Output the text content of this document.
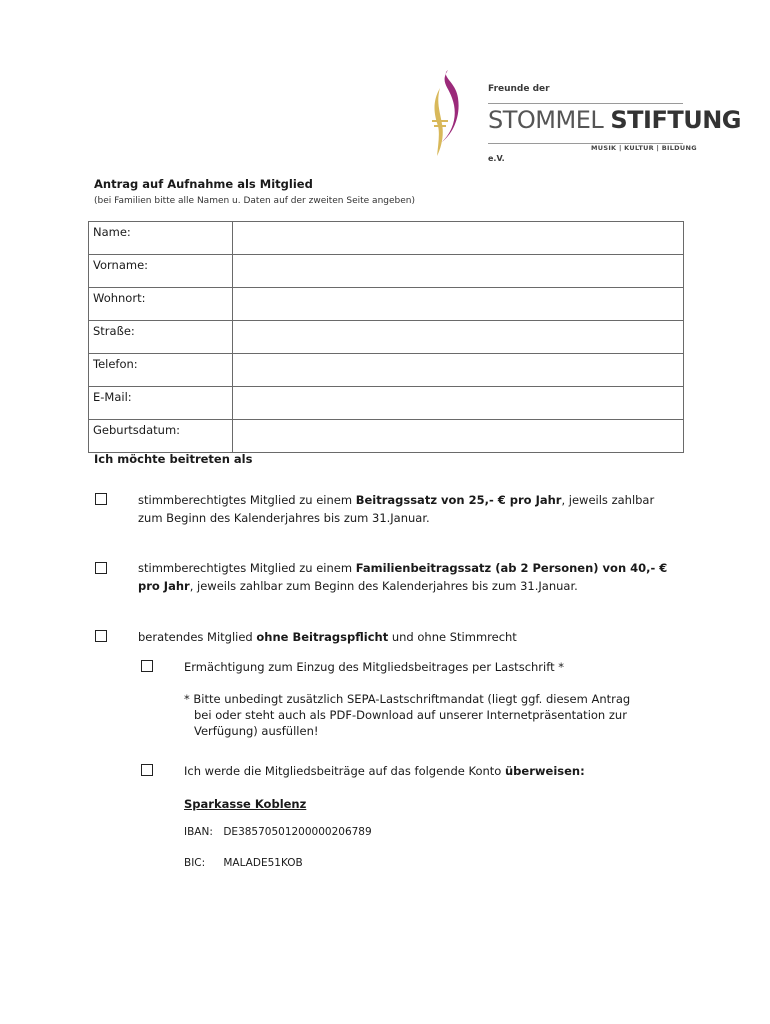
Freunde der
STOMMEL STIFTUNG
MUSIK | KULTUR | BILDUNG
e.V.
Antrag auf Aufnahme als Mitglied
(bei Familien bitte alle Namen u. Daten auf der zweiten Seite angeben)
Name:	
Vorname:	
Wohnort:	
Straße:	
Telefon:	
E-Mail:	
Geburtsdatum:	
Ich möchte beitreten als
stimmberechtigtes Mitglied zu einem Beitragssatz von 25,- € pro Jahr, jeweils zahlbar
zum Beginn des Kalenderjahres bis zum 31.Januar.
stimmberechtigtes Mitglied zu einem Familienbeitragssatz (ab 2 Personen) von 40,- €
pro Jahr, jeweils zahlbar zum Beginn des Kalenderjahres bis zum 31.Januar.
beratendes Mitglied ohne Beitragspflicht und ohne Stimmrecht
Ermächtigung zum Einzug des Mitgliedsbeitrages per Lastschrift *
* Bitte unbedingt zusätzlich SEPA-Lastschriftmandat (liegt ggf. diesem Antrag
bei oder steht auch als PDF-Download auf unserer Internetpräsentation zur
Verfügung) ausfüllen!
Ich werde die Mitgliedsbeiträge auf das folgende Konto überweisen:
Sparkasse Koblenz
IBAN: DE38570501200000206789
BIC: MALADE51KOB
